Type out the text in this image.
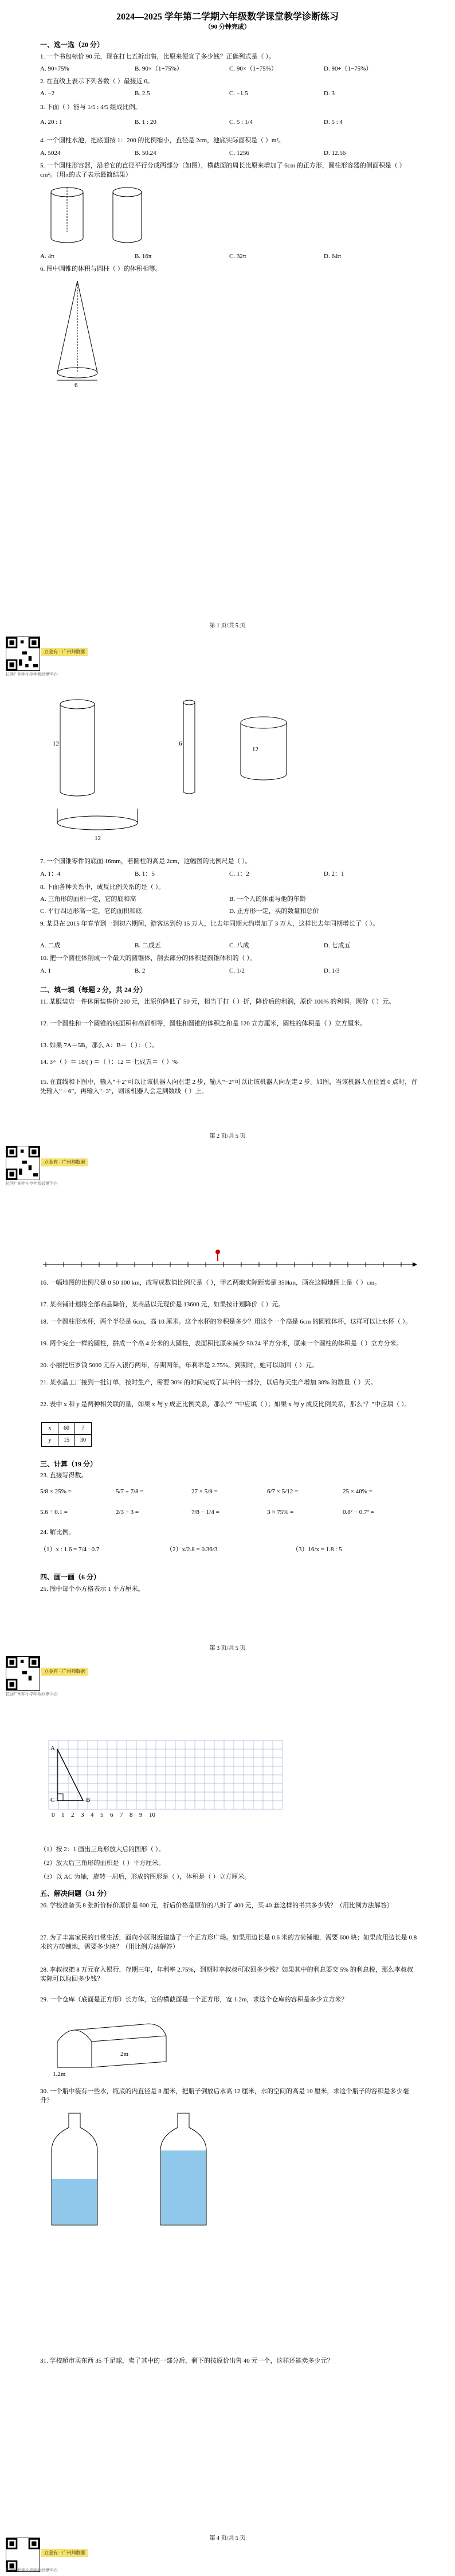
2024—2025 学年第二学期六年级数学课堂教学诊断练习
（90 分钟完成）
一、选一选（20 分）
1. 一个书包标价 90 元，现在打七五折出售，比原来便宜了多少钱？正确列式是（ ）。
A. 90×75%	B. 90×（1+75%）	C. 90×（1−75%）	D. 90÷（1−75%）
2. 在直线上表示下列各数（ ）最接近 0。
A. −2	B. 2.5	C. −1.5	D. 3
3. 下面（ ）能与 1/5 : 4/5 组成比例。
A. 20 : 1	B. 1 : 20	C. 5 : 1/4	D. 5 : 4
4. 一个圆柱水池，把底面按 1：200 的比例缩小，直径是 2cm，池底实际面积是（ ）m²。
A. 5024	B. 50.24	C. 1256	D. 12.56
5. 一个圆柱形容器，沿着它的直径平行分成两部分（如图），横截面的周长比原来增加了 6cm 的正方形，圆柱形容器的侧面积是（ ）cm²。（用π的式子表示最简结果）
A. 4π	B. 16π	C. 32π	D. 64π
6. 图中圆锥的体积与圆柱（ ）的体积相等。
6
第 1 页/共 5 页
立金有 · 广州帅数据
拉回广州年小学年级诊断平台
12	6
12
12
7. 一个圆锥零件的底面 16mm，若圆柱的高是 2cm，这幅图的比例尺是（ ）。
A. 1：4	B. 1：5	C. 1：2	D. 2：1
8. 下面各种关系中，成反比例关系的是（ ）。
A. 三角形的面积一定，它的底和高	B. 一个人的体重与他的年龄
C. 平行四边形高一定，它的面积和底	D. 正方形一定，买的数量和总价
9. 某县在 2015 年春节到一到初六期间，游客达到约 15 万人，比去年同期大约增加了 3 万人，这样比去年同期增长了（ ）。
A. 二成	B. 二成五	C. 八成	D. 七成五
10. 把一个圆柱体削成一个最大的圆锥体，削去部分的体积是圆锥体积的（ ）。
A. 1	B. 2	C. 1/2	D. 1/3
二、填一填（每题 2 分，共 24 分）
11. 某服装店一件休闲装售价 200 元，比原价降低了 50 元，相当于打（ ）折，降价后的利润，原价 100% 的利润。现价（ ）元。
12. 一个圆柱和一个圆锥的底面积和高都相等，圆柱和圆锥的体积之和是 120 立方厘米，圆柱的体积是（ ）立方厘米。
13. 如果 7A＝5B，那么 A：B＝（ ）：（ ）。
14. 3÷（ ）＝ 18/( ) ＝（ ）：12 ＝ 七成五＝（ ）%
15. 在直线和下图中，输入“＋2”可以让该机器人向右走 2 步，输入“−2”可以让该机器人向左走 2 步。如图，当该机器人在位置 0 点时，首先输入“＋6”，再输入“−3”，则该机器人会走到数线（ ）上。
第 2 页/共 5 页
立金有 · 广州帅数据
拉回广州年小学年级诊断平台
16. 一幅地图的比例尺是 0 50 100 km，改写成数值比例尺是（ ），甲乙两地实际距离是 350km，画在这幅地图上是（ ）cm。
17. 某商铺计划将全部商品降价，某商品以元现价是 13600 元，如果按计划降价（ ）元。
18. 一个圆柱形水杯，两个半径是 6cm，高 10 厘米。这个水杯的容积是多少？用这个一个高是 6cm 的圆锥体杯，这样可以让水杯（ ）。
19. 两个完全一样的圆柱，拼成一个高 4 分米的大圆柱，表面积比原来减少 50.24 平方分米，原来一个圆柱的体积是（ ）立方分米。
20. 小丽把压岁钱 5000 元存入银行两年，存期两年，年利率是 2.75%。到期时，她可以取回（ ）元。
21. 某水晶工厂接到一批订单，按时生产，需要 30% 的时间完成了其中的一部分，以后每天生产增加 30% 的数量（ ）天。
22. 表中 x 和 y 是两种相关联的量，如果 x 与 y 成正比例关系，那么“？”中应填（ ）；如果 x 与 y 成反比例关系，那么“？”中应填（ ）。
x	60	?
y	15	30
三、计算（19 分）
23. 直接写得数。
5/8 × 25% =	5/7 ÷ 7/8 =	27 × 5/9 =	6/7 × 5/12 =	25 × 40% =
5.6 ÷ 0.1 =	2/3 ÷ 3 =	7/8 − 1/4 =	3 × 75% =	0.8² − 0.7² =
24. 解比例。
（1）x : 1.6 = 7/4 : 0.7	（2）x/2.8 = 0.36/3	（3）16/x = 1.8 : 5
四、画一画（6 分）
25. 图中每个小方格表示 1 平方厘米。
第 3 页/共 5 页
立金有 · 广州帅数据
拉回广州年小学年级诊断平台
A
B
C
0	1	2	3	4	5	6	7	8	9	10
（1）按 2：1 画出三角形放大后的图形（ ）。
（2）放大后三角形的面积是（ ）平方厘米。
（3）以 AC 为轴，旋转一周后，形成的图形是（ ），体积是（ ）立方厘米。
五、解决问题（31 分）
26. 学校准备买 8 张折价标价原价是 600 元，折后价格是原价的八折了 400 元，买 40 套这样的书共多少钱？（用比例方法解答）
27. 为了丰富家民的日常生活，面向小区附近建造了一个正方形广场。如果用边长是 0.6 米的方砖铺地，需要 600 块；如果改用边长是 0.8 米的方砖铺地，需要多少块？（用比例方法解答）
28. 李叔叔把 8 万元存入银行，存期三年，年利率 2.75%，到期时李叔叔可取回多少钱？如果其中的利息要交 5% 的利息税，那么李叔叔实际可以取回多少钱？
29. 一个仓库（底面是正方形）长方体，它的横截面是一个正方形，宽 1.2m，求这个仓库的容积是多少立方米？
2m
1.2m
30. 一个瓶中装有一些水，瓶底的内直径是 8 厘米，把瓶子倒放后水高 12 厘米，水的空间的高是 10 厘米，求这个瓶子的容积是多少毫升？
31. 学校超市买东西 35 千足球，卖了其中的一部分后，剩下的按原价出售 40 元一个，这样还能卖多少元？
第 4 页/共 5 页
立金有 · 广州帅数据
拉回广州年小学年级诊断平台
